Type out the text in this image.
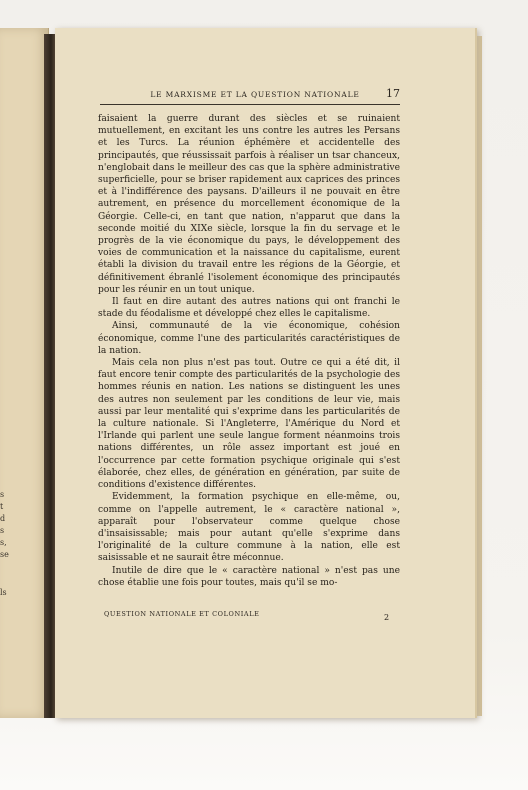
s
t
d
s
s,
se
ls
LE MARXISME ET LA QUESTION NATIONALE	17

faisaient la guerre durant des siècles et se ruinaient mutuellement, en excitant les uns contre les autres les Persans et les Turcs. La réunion éphémère et accidentelle des principautés, que réussissait parfois à réaliser un tsar chanceux, n'englobait dans le meilleur des cas que la sphère administrative superficielle, pour se briser rapidement aux caprices des princes et à l'indifférence des paysans. D'ailleurs il ne pouvait en être autrement, en présence du morcellement économique de la Géorgie. Celle-ci, en tant que nation, n'apparut que dans la seconde moitié du XIXe siècle, lorsque la fin du servage et le progrès de la vie économique du pays, le développement des voies de communication et la naissance du capitalisme, eurent établi la division du travail entre les régions de la Géorgie, et définitivement ébranlé l'isolement économique des principautés pour les réunir en un tout unique.

Il faut en dire autant des autres nations qui ont franchi le stade du féodalisme et développé chez elles le capitalisme.

Ainsi, communauté de la vie économique, cohésion économique, comme l'une des particularités caractéristiques de la nation.

Mais cela non plus n'est pas tout. Outre ce qui a été dit, il faut encore tenir compte des particularités de la psychologie des hommes réunis en nation. Les nations se distinguent les unes des autres non seulement par les conditions de leur vie, mais aussi par leur mentalité qui s'exprime dans les particularités de la culture nationale. Si l'Angleterre, l'Amérique du Nord et l'Irlande qui parlent une seule langue forment néanmoins trois nations différentes, un rôle assez important est joué en l'occurrence par cette formation psychique originale qui s'est élaborée, chez elles, de génération en génération, par suite de conditions d'existence différentes.

Evidemment, la formation psychique en elle-même, ou, comme on l'appelle autrement, le « caractère national », apparaît pour l'observateur comme quelque chose d'insaisissable; mais pour autant qu'elle s'exprime dans l'originalité de la culture commune à la nation, elle est saisissable et ne saurait être méconnue.

Inutile de dire que le « caractère national » n'est pas une chose établie une fois pour toutes, mais qu'il se mo-

QUESTION NATIONALE ET COLONIALE	2
